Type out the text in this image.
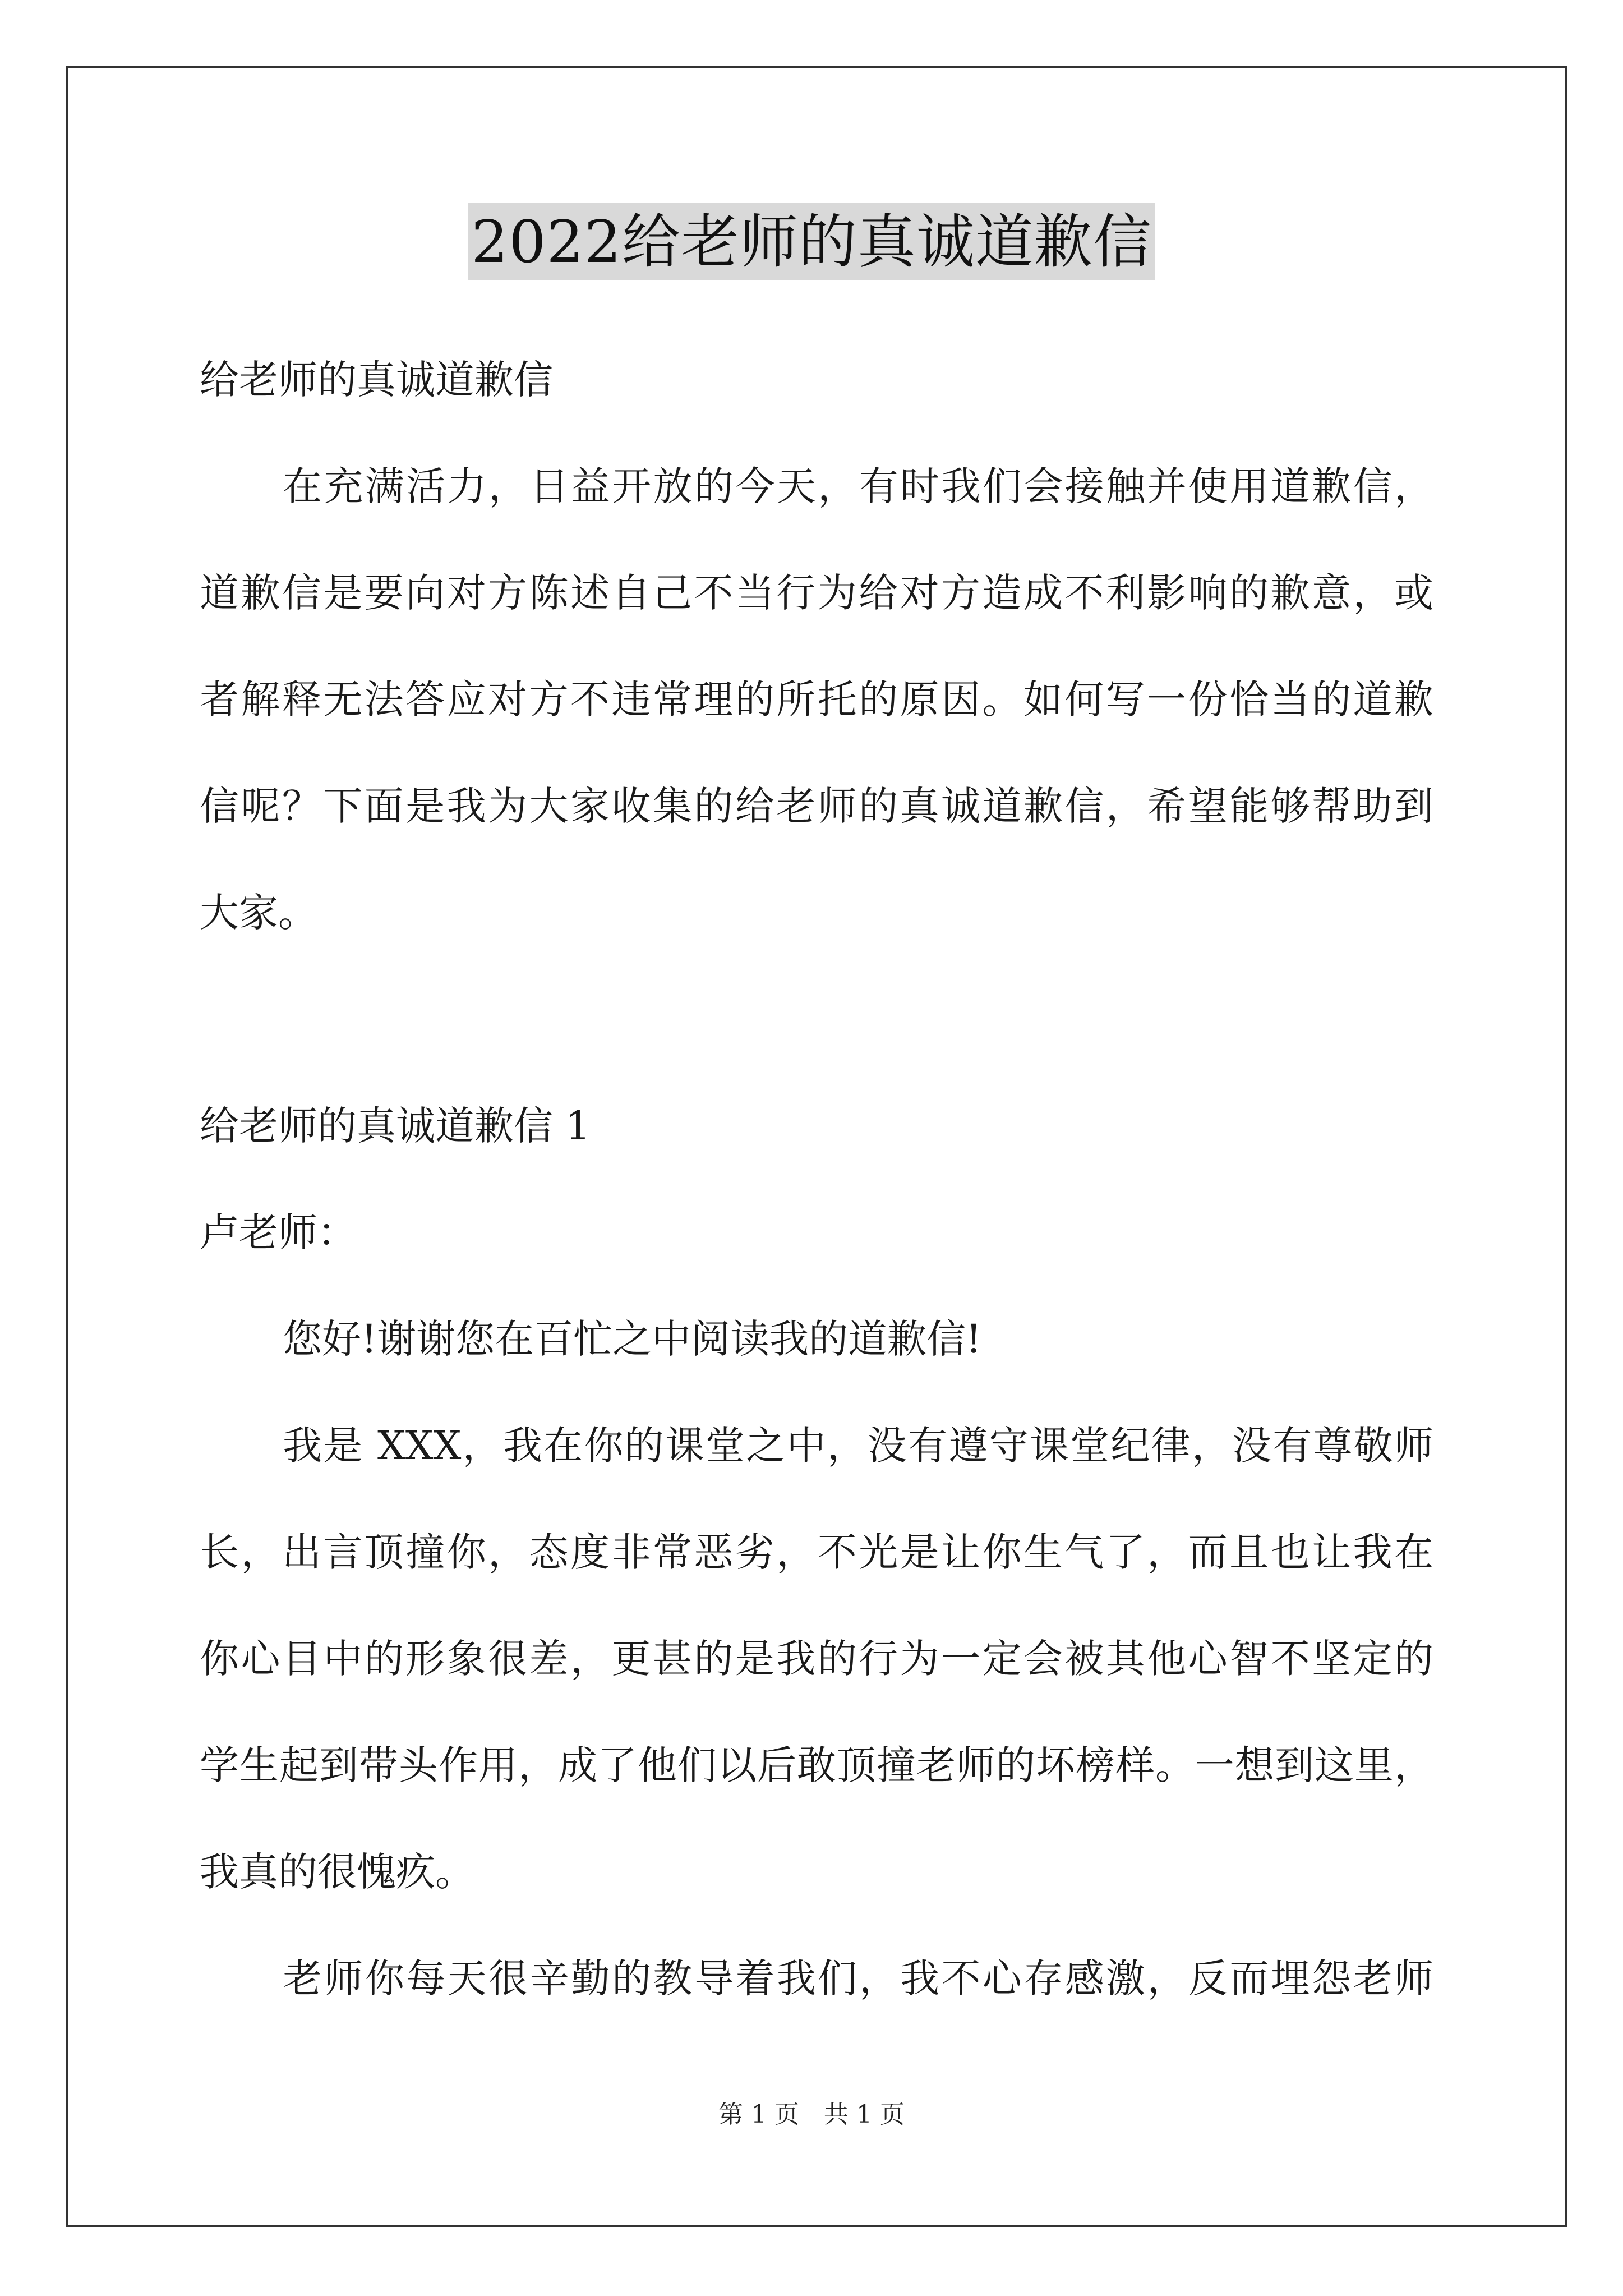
2022给老师的真诚道歉信
给老师的真诚道歉信
在充满活力，日益开放的今天，有时我们会接触并使用道歉信，
道歉信是要向对方陈述自己不当行为给对方造成不利影响的歉意，或
者解释无法答应对方不违常理的所托的原因。如何写一份恰当的道歉
信呢？下面是我为大家收集的给老师的真诚道歉信，希望能够帮助到
大家。
给老师的真诚道歉信 1
卢老师：
您好!谢谢您在百忙之中阅读我的道歉信!
我是 XXX，我在你的课堂之中，没有遵守课堂纪律，没有尊敬师
长，出言顶撞你，态度非常恶劣，不光是让你生气了，而且也让我在
你心目中的形象很差，更甚的是我的行为一定会被其他心智不坚定的
学生起到带头作用，成了他们以后敢顶撞老师的坏榜样。一想到这里，
我真的很愧疚。
老师你每天很辛勤的教导着我们，我不心存感激，反而埋怨老师
第 1 页　共 1 页
